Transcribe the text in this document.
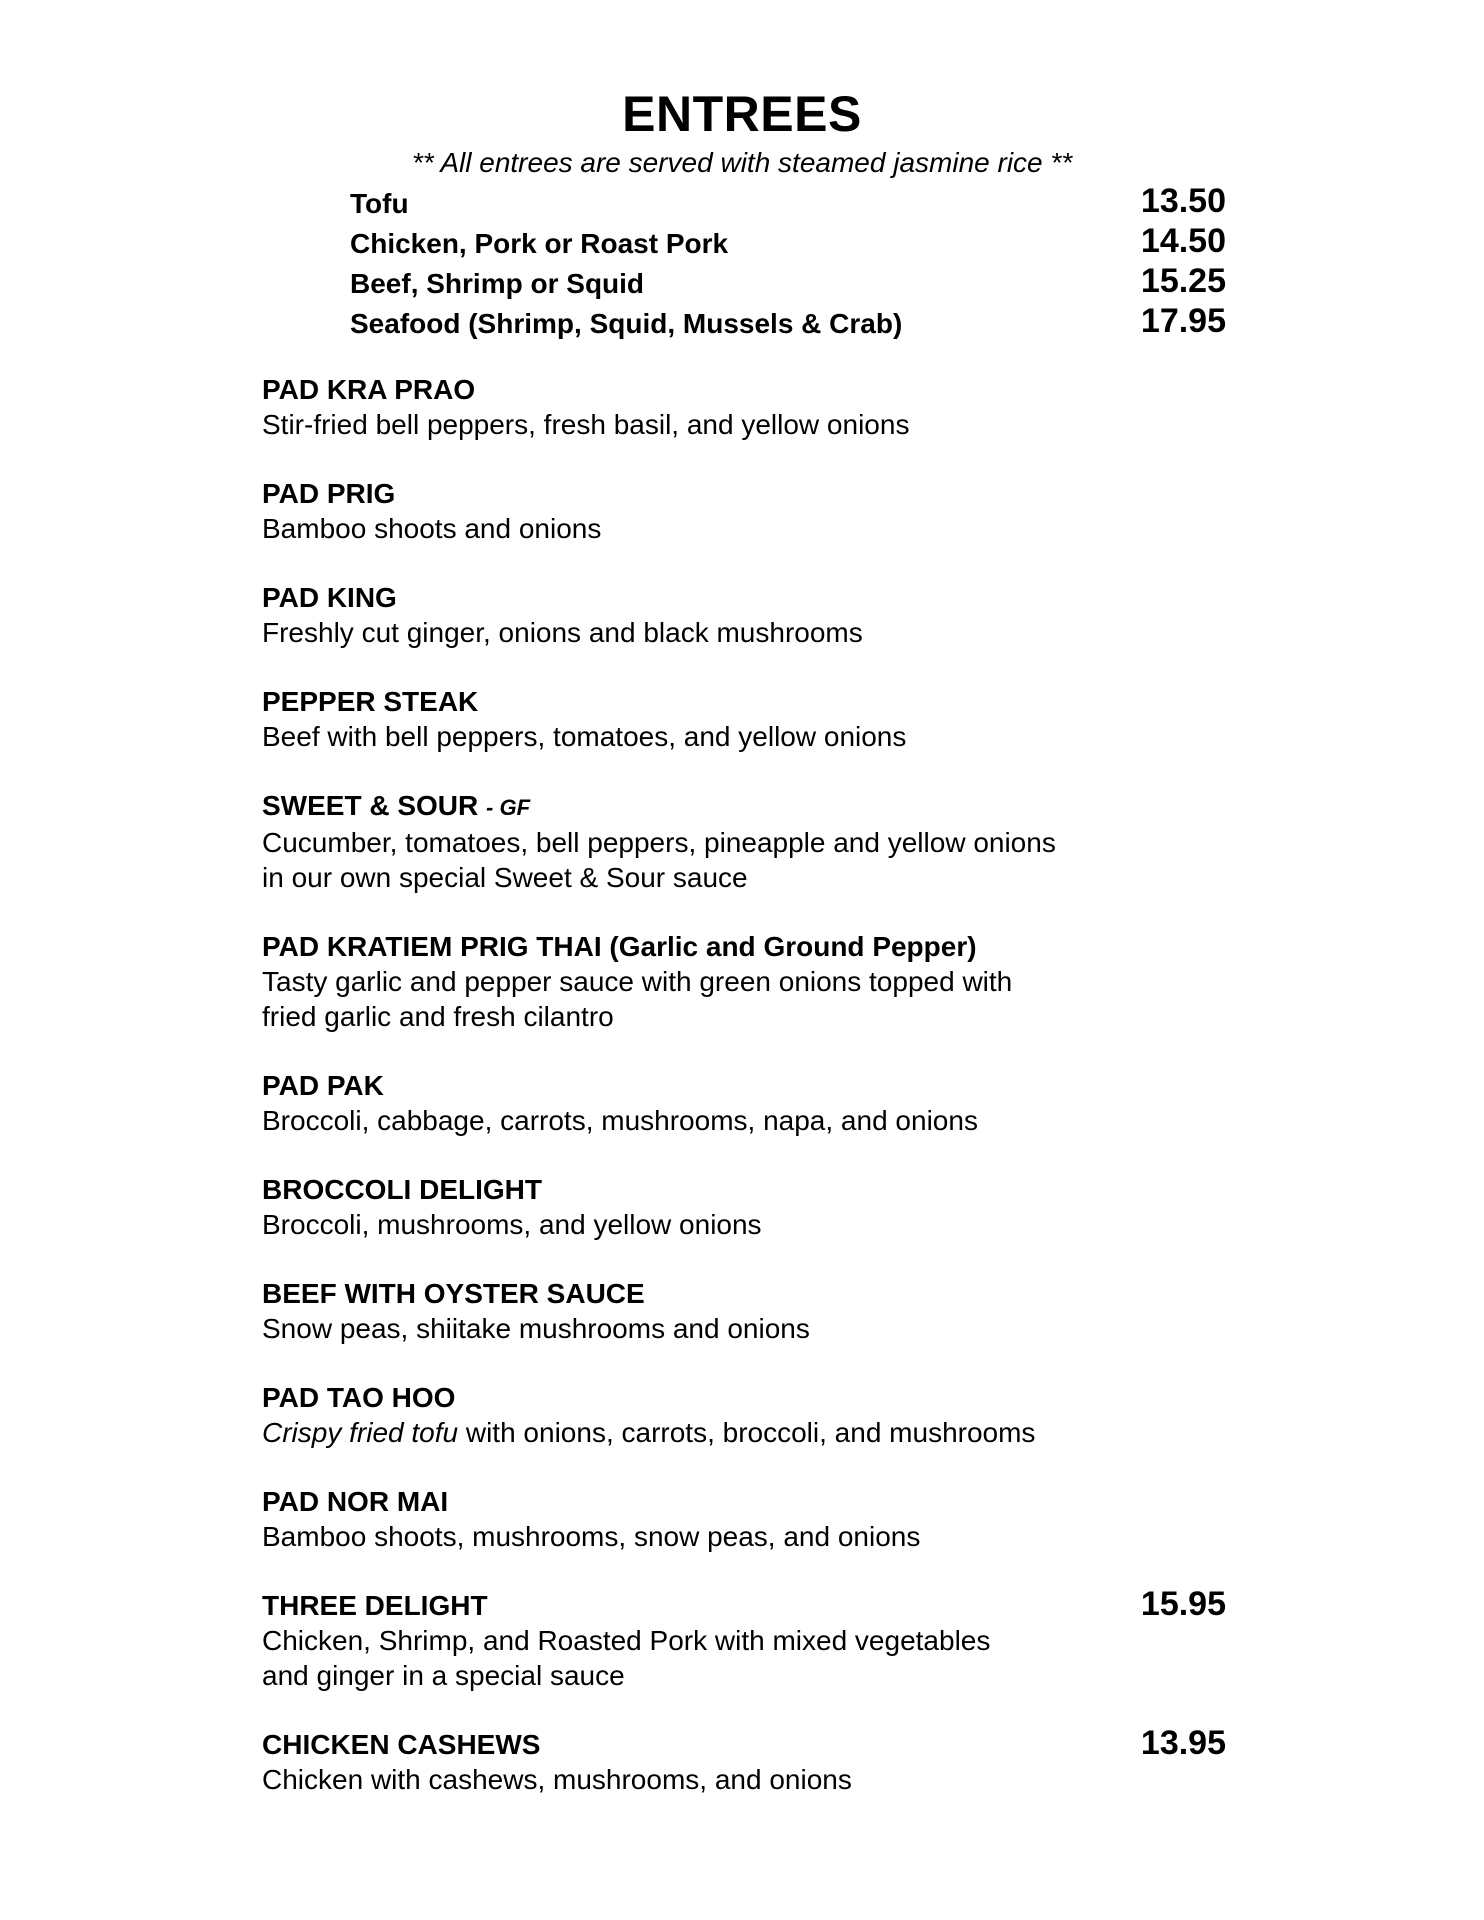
ENTREES
** All entrees are served with steamed jasmine rice **
Tofu	13.50
Chicken, Pork or Roast Pork	14.50
Beef, Shrimp or Squid	15.25
Seafood (Shrimp, Squid, Mussels & Crab)	17.95
PAD KRA PRAO
Stir-fried bell peppers, fresh basil, and yellow onions
PAD PRIG
Bamboo shoots and onions
PAD KING
Freshly cut ginger, onions and black mushrooms
PEPPER STEAK
Beef with bell peppers, tomatoes, and yellow onions
SWEET & SOUR - GF
Cucumber, tomatoes, bell peppers, pineapple and yellow onions
in our own special Sweet & Sour sauce
PAD KRATIEM PRIG THAI (Garlic and Ground Pepper)
Tasty garlic and pepper sauce with green onions topped with
fried garlic and fresh cilantro
PAD PAK
Broccoli, cabbage, carrots, mushrooms, napa, and onions
BROCCOLI DELIGHT
Broccoli, mushrooms, and yellow onions
BEEF WITH OYSTER SAUCE
Snow peas, shiitake mushrooms and onions
PAD TAO HOO
Crispy fried tofu with onions, carrots, broccoli, and mushrooms
PAD NOR MAI
Bamboo shoots, mushrooms, snow peas, and onions
THREE DELIGHT	15.95
Chicken, Shrimp, and Roasted Pork with mixed vegetables
and ginger in a special sauce
CHICKEN CASHEWS	13.95
Chicken with cashews, mushrooms, and onions
